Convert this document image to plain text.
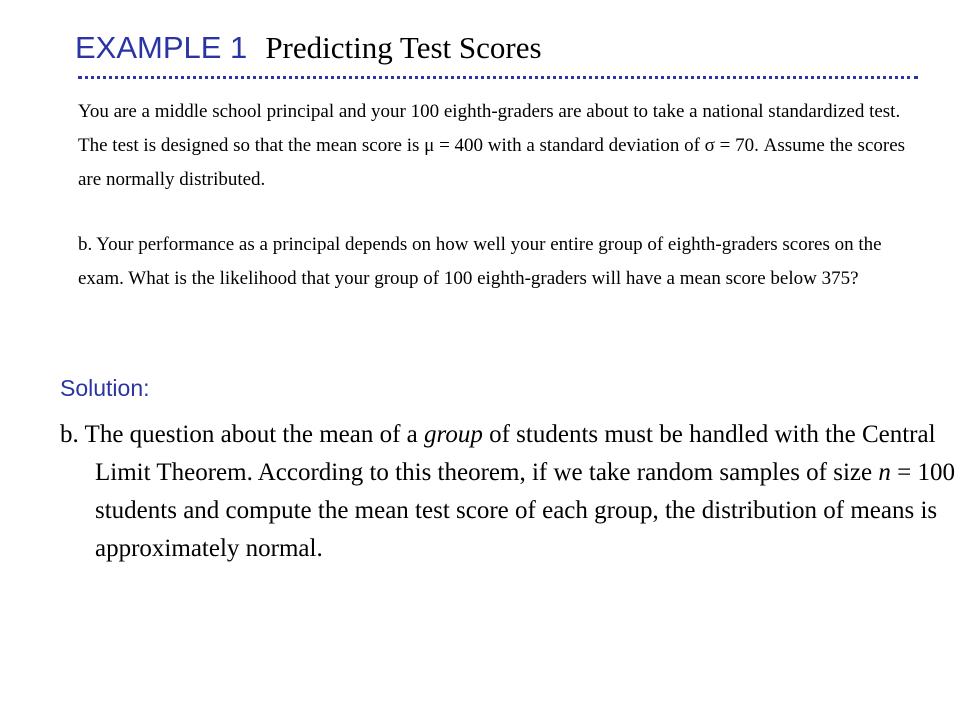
EXAMPLE 1 Predicting Test Scores
You are a middle school principal and your 100 eighth-graders are about to take a national standardized test. The test is designed so that the mean score is μ = 400 with a standard deviation of σ = 70. Assume the scores are normally distributed.
b. Your performance as a principal depends on how well your entire group of eighth-graders scores on the exam. What is the likelihood that your group of 100 eighth-graders will have a mean score below 375?
Solution:
b. The question about the mean of a group of students must be handled with the Central Limit Theorem. According to this theorem, if we take random samples of size n = 100 students and compute the mean test score of each group, the distribution of means is approximately normal.
